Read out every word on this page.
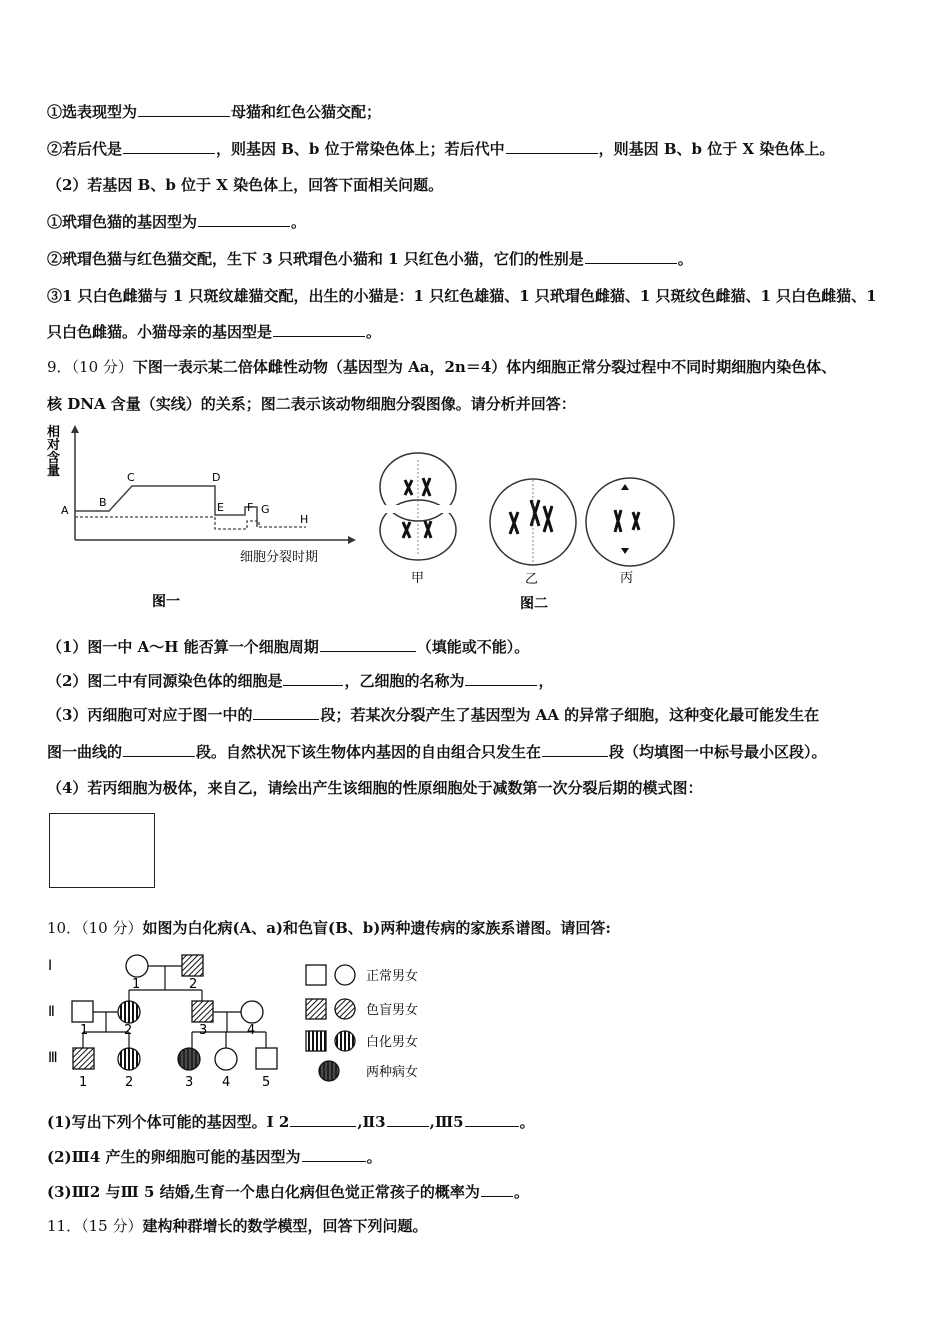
①选表现型为	母猫和红色公猫交配；
②若后代是	，则基因 B、b 位于常染色体上；若后代中	，则基因 B、b 位于 X 染色体上。
（2）若基因 B、b 位于 X 染色体上，回答下面相关问题。
①玳瑁色猫的基因型为	。
②玳瑁色猫与红色猫交配，生下 3 只玳瑁色小猫和 1 只红色小猫，它们的性别是	。
③1 只白色雌猫与 1 只斑纹雄猫交配，出生的小猫是：1 只红色雄猫、1 只玳瑁色雌猫、1 只斑纹色雌猫、1 只白色雌猫、1
只白色雌猫。小猫母亲的基因型是	。
9．（10 分）下图一表示某二倍体雌性动物（基因型为 Aa，2n＝4）体内细胞正常分裂过程中不同时期细胞内染色体、
核 DNA 含量（实线）的关系；图二表示该动物细胞分裂图像。请分析并回答：
相
对
含
量
A
B
C	D
E F G
H
细胞分裂时期
图一
甲	乙	丙
图二
（1）图一中 A～H 能否算一个细胞周期	（填能或不能）。
（2）图二中有同源染色体的细胞是	，乙细胞的名称为	，
（3）丙细胞可对应于图一中的	段；若某次分裂产生了基因型为 AA 的异常子细胞，这种变化最可能发生在
图一曲线的	段。自然状况下该生物体内基因的自由组合只发生在	段（均填图一中标号最小区段）。
（4）若丙细胞为极体，来自乙，请绘出产生该细胞的性原细胞处于减数第一次分裂后期的模式图：
10．（10 分）如图为白化病(A、a)和色盲(B、b)两种遗传病的家族系谱图。请回答:
Ⅰ
Ⅱ
Ⅲ
1	2
1	2	3	4
1	2	3 4 5
正常男女
色盲男女
白化男女
两种病女
(1)写出下列个体可能的基因型。Ⅰ 2	,Ⅱ3	,Ⅲ5	。
(2)Ⅲ4 产生的卵细胞可能的基因型为	。
(3)Ⅲ2 与Ⅲ 5 结婚,生育一个患白化病但色觉正常孩子的概率为 。
11．（15 分）建构种群增长的数学模型，回答下列问题。
